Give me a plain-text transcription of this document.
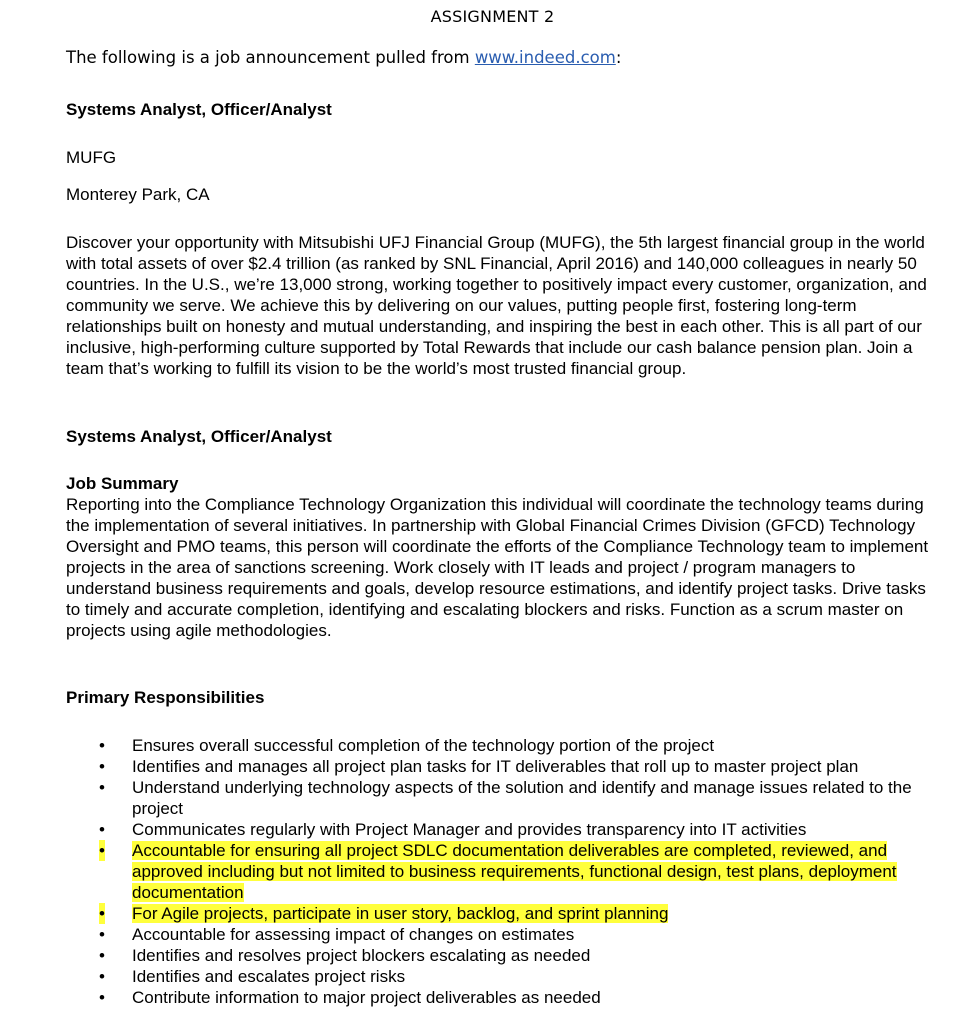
ASSIGNMENT 2
The following is a job announcement pulled from www.indeed.com:

Systems Analyst, Officer/Analyst

MUFG

Monterey Park, CA

Discover your opportunity with Mitsubishi UFJ Financial Group (MUFG), the 5th largest financial group in the world with total assets of over $2.4 trillion (as ranked by SNL Financial, April 2016) and 140,000 colleagues in nearly 50 countries. In the U.S., we’re 13,000 strong, working together to positively impact every customer, organization, and community we serve. We achieve this by delivering on our values, putting people first, fostering long-term relationships built on honesty and mutual understanding, and inspiring the best in each other. This is all part of our inclusive, high-performing culture supported by Total Rewards that include our cash balance pension plan. Join a team that’s working to fulfill its vision to be the world’s most trusted financial group.

Systems Analyst, Officer/Analyst

Job Summary

Reporting into the Compliance Technology Organization this individual will coordinate the technology teams during the implementation of several initiatives. In partnership with Global Financial Crimes Division (GFCD) Technology Oversight and PMO teams, this person will coordinate the efforts of the Compliance Technology team to implement projects in the area of sanctions screening. Work closely with IT leads and project / program managers to understand business requirements and goals, develop resource estimations, and identify project tasks. Drive tasks to timely and accurate completion, identifying and escalating blockers and risks. Function as a scrum master on projects using agile methodologies.

Primary Responsibilities

• Ensures overall successful completion of the technology portion of the project
• Identifies and manages all project plan tasks for IT deliverables that roll up to master project plan
• Understand underlying technology aspects of the solution and identify and manage issues related to the project
• Communicates regularly with Project Manager and provides transparency into IT activities
• Accountable for ensuring all project SDLC documentation deliverables are completed, reviewed, and approved including but not limited to business requirements, functional design, test plans, deployment documentation
• For Agile projects, participate in user story, backlog, and sprint planning
• Accountable for assessing impact of changes on estimates
• Identifies and resolves project blockers escalating as needed
• Identifies and escalates project risks
• Contribute information to major project deliverables as needed
